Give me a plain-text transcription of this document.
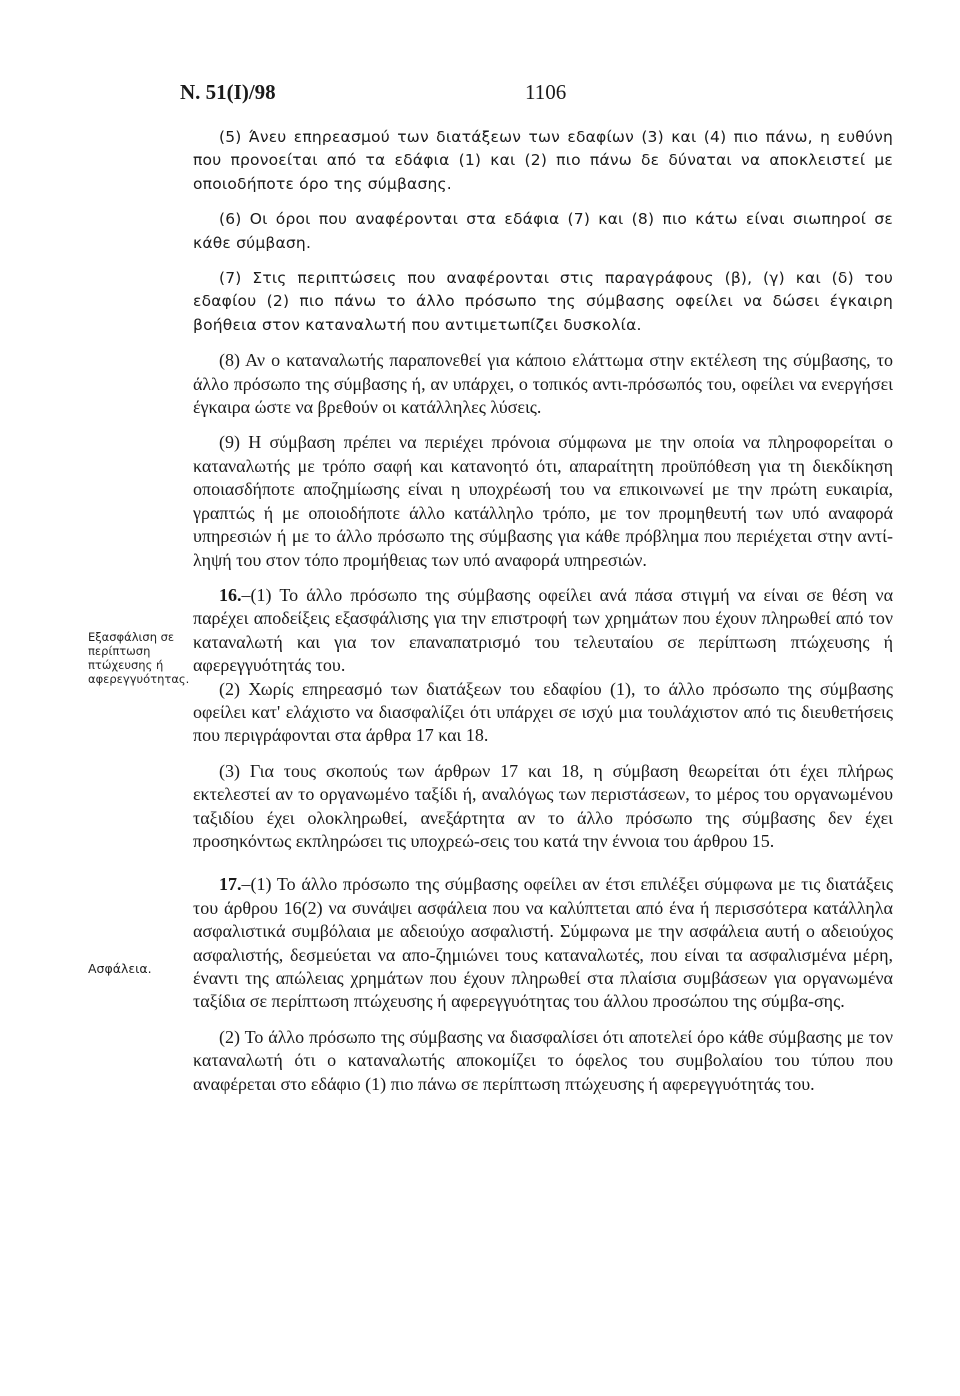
N. 51(I)/98	1106
Εξασφάλιση σε περίπτωση πτώχευσης ή αφερεγγυότητας.
Ασφάλεια.

(5) Άνευ επηρεασμού των διατάξεων των εδαφίων (3) και (4) πιο πάνω, η ευθύνη που προνοείται από τα εδάφια (1) και (2) πιο πάνω δε δύναται να αποκλειστεί με οποιοδήποτε όρο της σύμβασης.

(6) Οι όροι που αναφέρονται στα εδάφια (7) και (8) πιο κάτω είναι σιωπηροί σε κάθε σύμβαση.

(7) Στις περιπτώσεις που αναφέρονται στις παραγράφους (β), (γ) και (δ) του εδαφίου (2) πιο πάνω το άλλο πρόσωπο της σύμβασης οφείλει να δώσει έγκαιρη βοήθεια στον καταναλωτή που αντιμετωπίζει δυσκολία.

(8) Αν ο καταναλωτής παραπονεθεί για κάποιο ελάττωμα στην εκτέλεση της σύμβασης, το άλλο πρόσωπο της σύμβασης ή, αν υπάρχει, ο τοπικός αντι-πρόσωπός του, οφείλει να ενεργήσει έγκαιρα ώστε να βρεθούν οι κατάλληλες λύσεις.

(9) Η σύμβαση πρέπει να περιέχει πρόνοια σύμφωνα με την οποία να πληροφορείται ο καταναλωτής με τρόπο σαφή και κατανοητό ότι, απαραίτητη προϋπόθεση για τη διεκδίκηση οποιασδήποτε αποζημίωσης είναι η υποχρέωσή του να επικοινωνεί με την πρώτη ευκαιρία, γραπτώς ή με οποιοδήποτε άλλο κατάλληλο τρόπο, με τον προμηθευτή των υπό αναφορά υπηρεσιών ή με το άλλο πρόσωπο της σύμβασης για κάθε πρόβλημα που περιέχεται στην αντί-ληψή του στον τόπο προμήθειας των υπό αναφορά υπηρεσιών.

16.–(1) Το άλλο πρόσωπο της σύμβασης οφείλει ανά πάσα στιγμή να είναι σε θέση να παρέχει αποδείξεις εξασφάλισης για την επιστροφή των χρημάτων που έχουν πληρωθεί από τον καταναλωτή και για τον επαναπατρισμό του τελευταίου σε περίπτωση πτώχευσης ή αφερεγγυότητάς του.

(2) Χωρίς επηρεασμό των διατάξεων του εδαφίου (1), το άλλο πρόσωπο της σύμβασης οφείλει κατ' ελάχιστο να διασφαλίζει ότι υπάρχει σε ισχύ μια τουλάχιστον από τις διευθετήσεις που περιγράφονται στα άρθρα 17 και 18.

(3) Για τους σκοπούς των άρθρων 17 και 18, η σύμβαση θεωρείται ότι έχει πλήρως εκτελεστεί αν το οργανωμένο ταξίδι ή, αναλόγως των περιστάσεων, το μέρος του οργανωμένου ταξιδίου έχει ολοκληρωθεί, ανεξάρτητα αν το άλλο πρόσωπο της σύμβασης δεν έχει προσηκόντως εκπληρώσει τις υποχρεώ-σεις του κατά την έννοια του άρθρου 15.

17.–(1) Το άλλο πρόσωπο της σύμβασης οφείλει αν έτσι επιλέξει σύμφωνα με τις διατάξεις του άρθρου 16(2) να συνάψει ασφάλεια που να καλύπτεται από ένα ή περισσότερα κατάλληλα ασφαλιστικά συμβόλαια με αδειούχο ασφαλιστή. Σύμφωνα με την ασφάλεια αυτή ο αδειούχος ασφαλιστής, δεσμεύεται να απο-ζημιώνει τους καταναλωτές, που είναι τα ασφαλισμένα μέρη, έναντι της απώλειας χρημάτων που έχουν πληρωθεί στα πλαίσια συμβάσεων για οργανωμένα ταξίδια σε περίπτωση πτώχευσης ή αφερεγγυότητας του άλλου προσώπου της σύμβα-σης.

(2) Το άλλο πρόσωπο της σύμβασης να διασφαλίσει ότι αποτελεί όρο κάθε σύμβασης με τον καταναλωτή ότι ο καταναλωτής αποκομίζει το όφελος του συμβολαίου του τύπου που αναφέρεται στο εδάφιο (1) πιο πάνω σε περίπτωση πτώχευσης ή αφερεγγυότητάς του.
